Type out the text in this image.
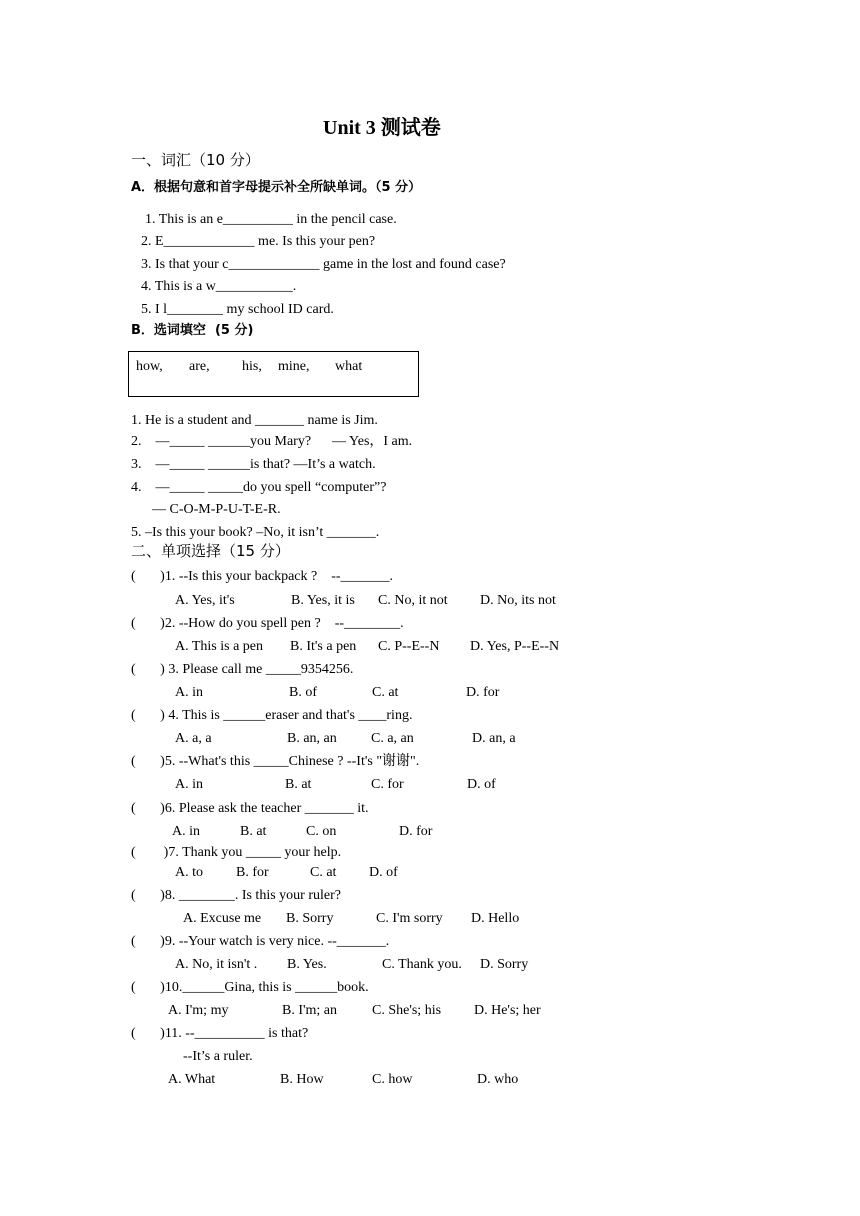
Unit 3 测试卷
一、词汇（10 分）
A．根据句意和首字母提示补全所缺单词。（5 分）
1. This is an e__________ in the pencil case.
2. E_____________ me. Is this your pen?
3. Is that your c_____________ game in the lost and found case?
4. This is a w___________.
5. I l________ my school ID card.
B．选词填空  (5 分)
how, are, his, mine, what
1. He is a student and _______ name is Jim.
2.    —_____ ______you Mary?      — Yes，I am.
3.    —_____ ______is that? —It’s a watch.
4.    —_____ _____do you spell “computer”?
— C-O-M-P-U-T-E-R.
5. –Is this your book? –No, it isn’t _______.
二、单项选择（15 分）
(       )1. --Is this your backpack ?    --_______.
A. Yes, it's	B. Yes, it is C. No, it not D. No, its not
(       )2. --How do you spell pen ?    --________.
A. This is a pen B. It's a pen C. P--E--N D. Yes, P--E--N
(       ) 3. Please call me _____9354256.
A. in	B. of	C. at	D. for
(       ) 4. This is ______eraser and that's ____ring.
A. a, a	B. an, an C. a, an	D. an, a
(       )5. --What's this _____Chinese ? --It's "谢谢".
A. in	B. at	C. for	D. of
(       )6. Please ask the teacher _______ it.
A. in	B. at	C. on	D. for
(        )7. Thank you _____ your help.
A. to B. for	C. at D. of
(       )8. ________. Is this your ruler?
A. Excuse me B. Sorry	C. I'm sorry D. Hello
(       )9. --Your watch is very nice. --_______.
A. No, it isn't . B. Yes.	C. Thank you. D. Sorry
(       )10.______Gina, this is ______book.
A. I'm; my	B. I'm; an C. She's; his D. He's; her
(       )11. --__________ is that?
--It’s a ruler.
A. What	B. How	C. how	D. who
